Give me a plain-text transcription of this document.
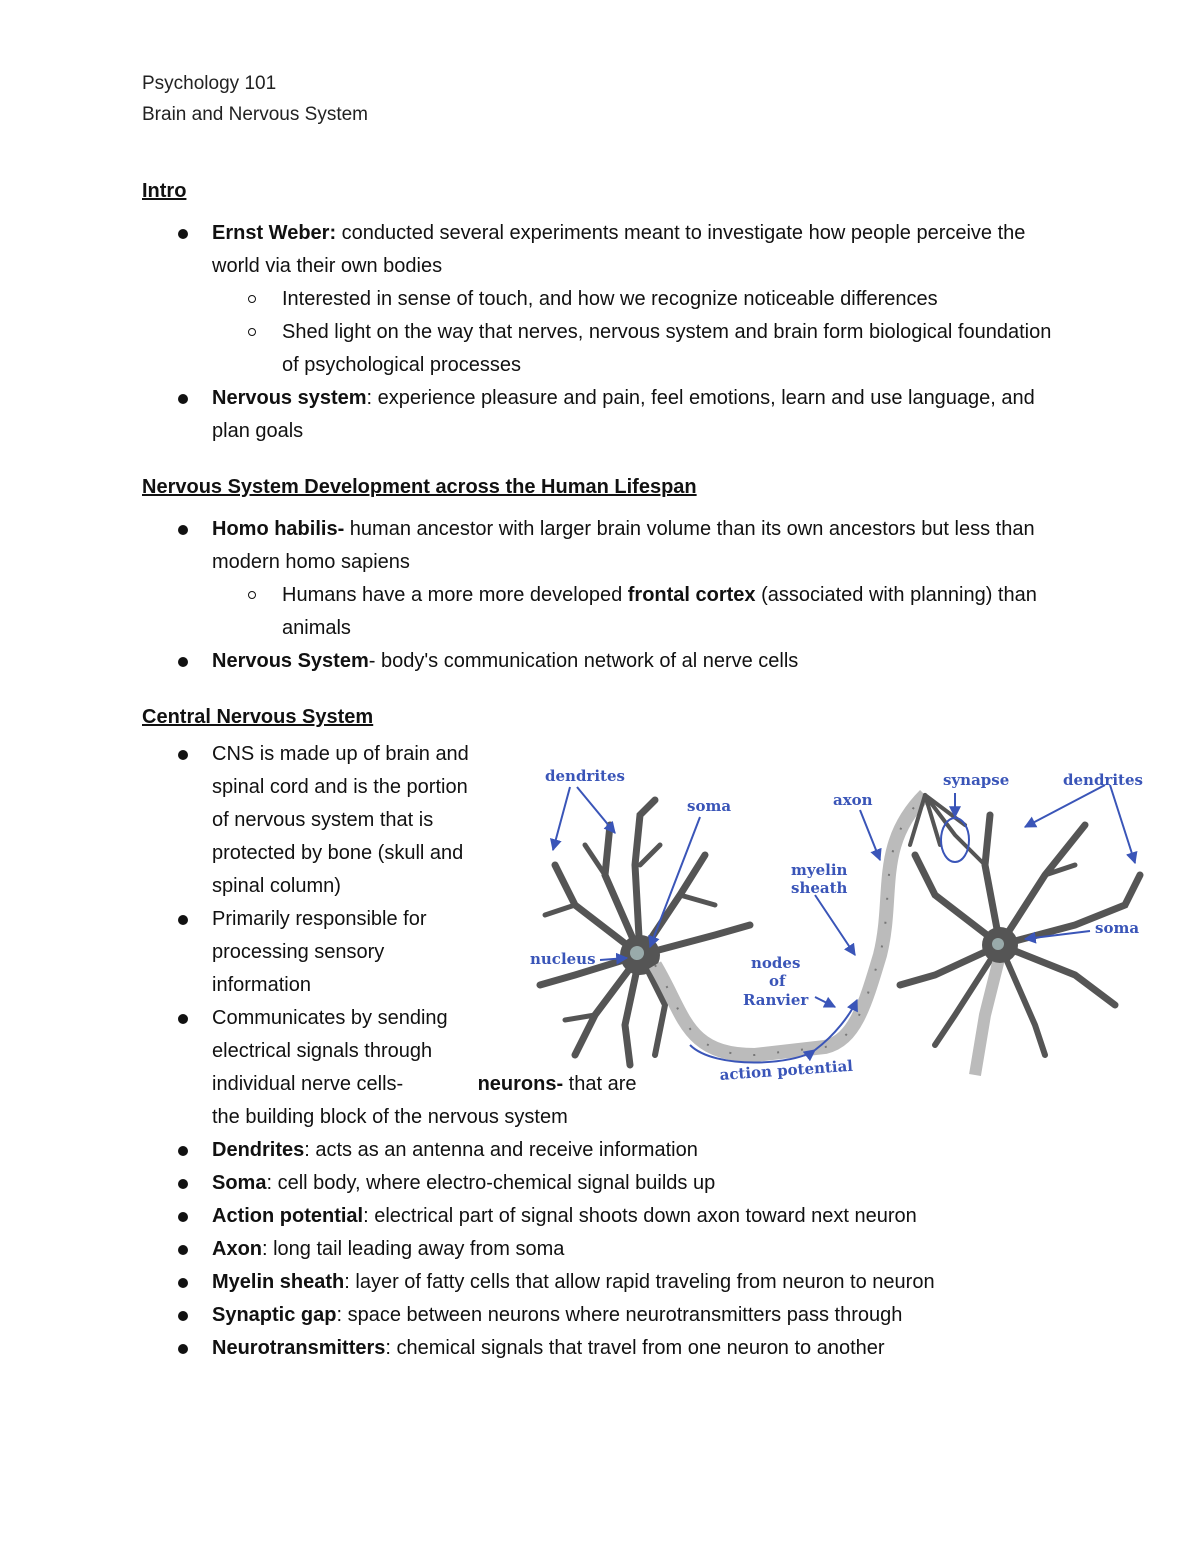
Psychology 101
Brain and Nervous System

Intro

Ernst Weber: conducted several experiments meant to investigate how people perceive the world via their own bodies
Interested in sense of touch, and how we recognize noticeable differences
Shed light on the way that nerves, nervous system and brain form biological foundation of psychological processes
Nervous system: experience pleasure and pain, feel emotions, learn and use language, and plan goals

Nervous System Development across the Human Lifespan

Homo habilis- human ancestor with larger brain volume than its own ancestors but less than modern homo sapiens
Humans have a more more developed frontal cortex (associated with planning) than animals
Nervous System- body's communication network of al nerve cells

Central Nervous System

CNS is made up of brain and spinal cord and is the portion of nervous system that is protected by bone (skull and spinal column)
Primarily responsible for processing sensory information
Communicates by sending electrical signals through individual nerve cells-	neurons- that are the building block of the nervous system
Dendrites: acts as an antenna and receive information
Soma: cell body, where electro-chemical signal builds up
Action potential: electrical part of signal shoots down axon toward next neuron
Axon: long tail leading away from soma
Myelin sheath: layer of fatty cells that allow rapid traveling from neuron to neuron
Synaptic gap: space between neurons where neurotransmitters pass through
Neurotransmitters: chemical signals that travel from one neuron to another
dendrites
soma
nucleus
axon
myelin
sheath
nodes
of
Ranvier
synapse	dendrites
soma
action potential
